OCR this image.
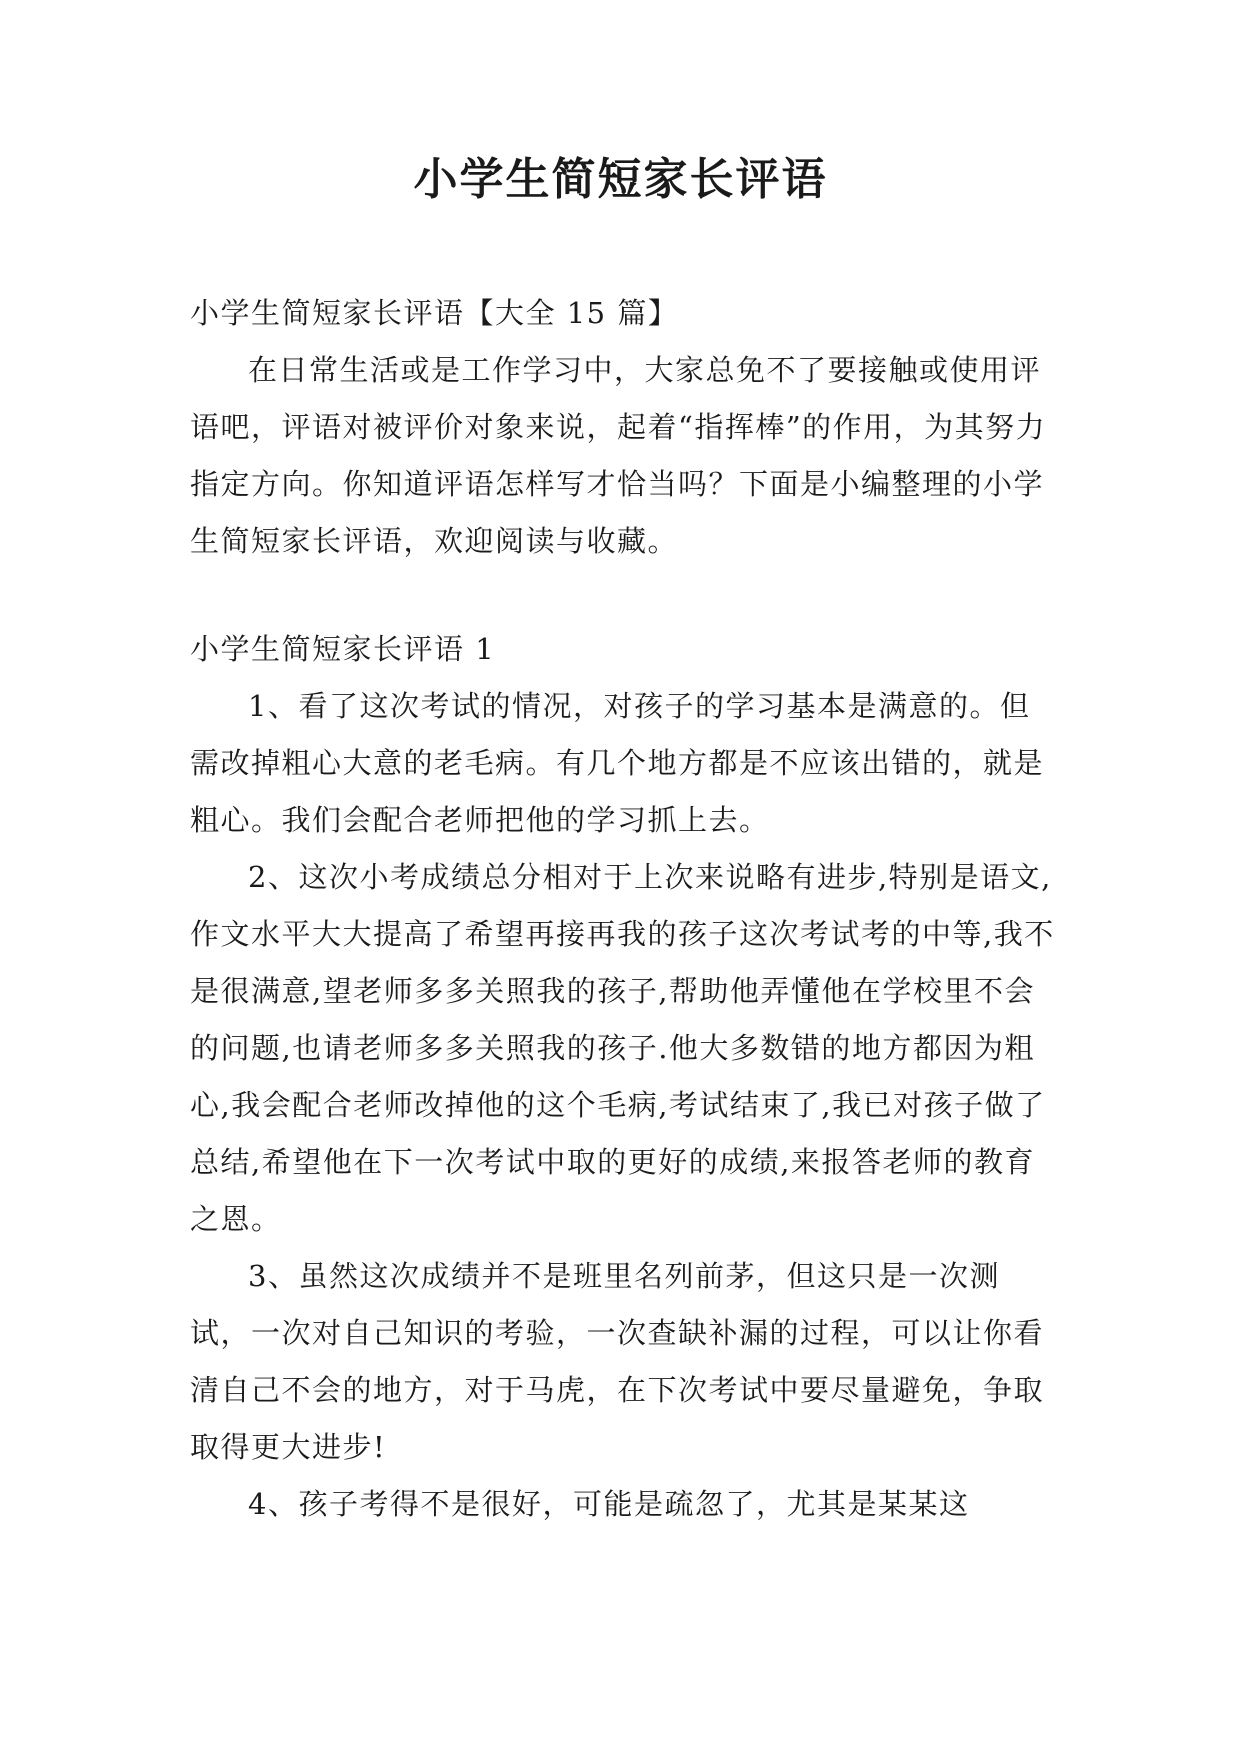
小学生简短家长评语

小学生简短家长评语【大全 15 篇】

在日常生活或是工作学习中，大家总免不了要接触或使用评语吧，评语对被评价对象来说，起着“指挥棒”的作用，为其努力指定方向。你知道评语怎样写才恰当吗？下面是小编整理的小学生简短家长评语，欢迎阅读与收藏。

小学生简短家长评语 1

1、看了这次考试的情况，对孩子的学习基本是满意的。但需改掉粗心大意的老毛病。有几个地方都是不应该出错的，就是粗心。我们会配合老师把他的学习抓上去。

2、这次小考成绩总分相对于上次来说略有进步,特别是语文,作文水平大大提高了希望再接再我的孩子这次考试考的中等,我不是很满意,望老师多多关照我的孩子,帮助他弄懂他在学校里不会的问题,也请老师多多关照我的孩子.他大多数错的地方都因为粗心,我会配合老师改掉他的这个毛病,考试结束了,我已对孩子做了总结,希望他在下一次考试中取的更好的成绩,来报答老师的教育之恩。

3、虽然这次成绩并不是班里名列前茅，但这只是一次测试，一次对自己知识的考验，一次查缺补漏的过程，可以让你看清自己不会的地方，对于马虎，在下次考试中要尽量避免，争取取得更大进步!

4、孩子考得不是很好，可能是疏忽了，尤其是某某这
